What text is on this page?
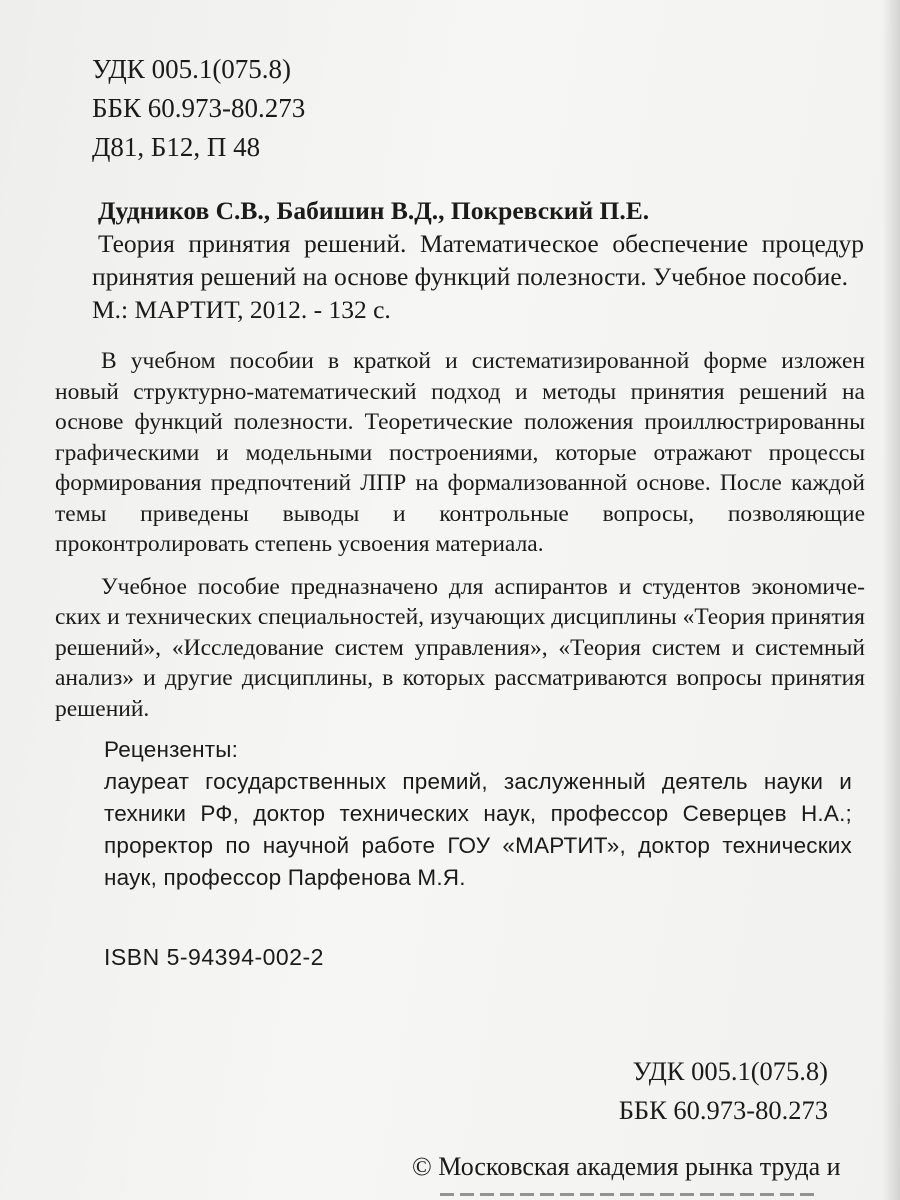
УДК 005.1(075.8)
ББК 60.973-80.273
Д81, Б12, П 48
Дудников С.В., Бабишин В.Д., Покревский П.Е.
Теория принятия решений. Математическое обеспечение процедур принятия решений на основе функций полезности. Учебное пособие.
М.: МАРТИТ, 2012. - 132 с.

В учебном пособии в краткой и систематизированной форме изложен новый структурно-математический подход и методы принятия решений на основе функций полезности. Теоретические положения проиллюстрированны графическими и модельными построениями, которые отражают процессы формирования предпочтений ЛПР на формализованной основе. После каждой темы приведены выводы и контрольные вопросы, позволяющие проконтролировать степень усвоения материала.

Учебное пособие предназначено для аспирантов и студентов экономических и технических специальностей, изучающих дисциплины «Теория принятия решений», «Исследование систем управления», «Теория систем и системный анализ» и другие дисциплины, в которых рассматриваются вопросы принятия решений.

Рецензенты:
лауреат государственных премий, заслуженный деятель науки и техники РФ, доктор технических наук, профессор Северцев Н.А.; проректор по научной работе ГОУ «МАРТИТ», доктор технических наук, профессор Парфенова М.Я.
ISBN 5-94394-002-2
УДК 005.1(075.8)
ББК 60.973-80.273
© Московская академия рынка труда и
